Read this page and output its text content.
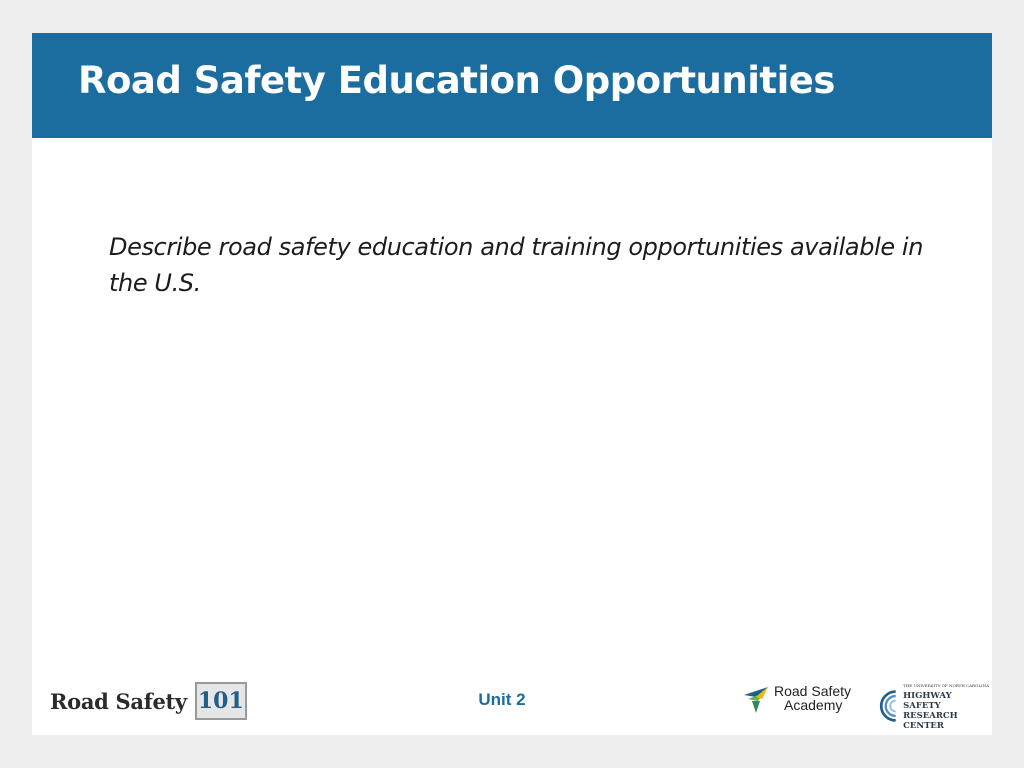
Road Safety Education Opportunities
Describe road safety education and training opportunities available in the U.S.
Road Safety 101	Unit 2	Road Safety
Academy
THE UNIVERSITY OF NORTH CAROLINA
HIGHWAY SAFETY
RESEARCH CENTER
